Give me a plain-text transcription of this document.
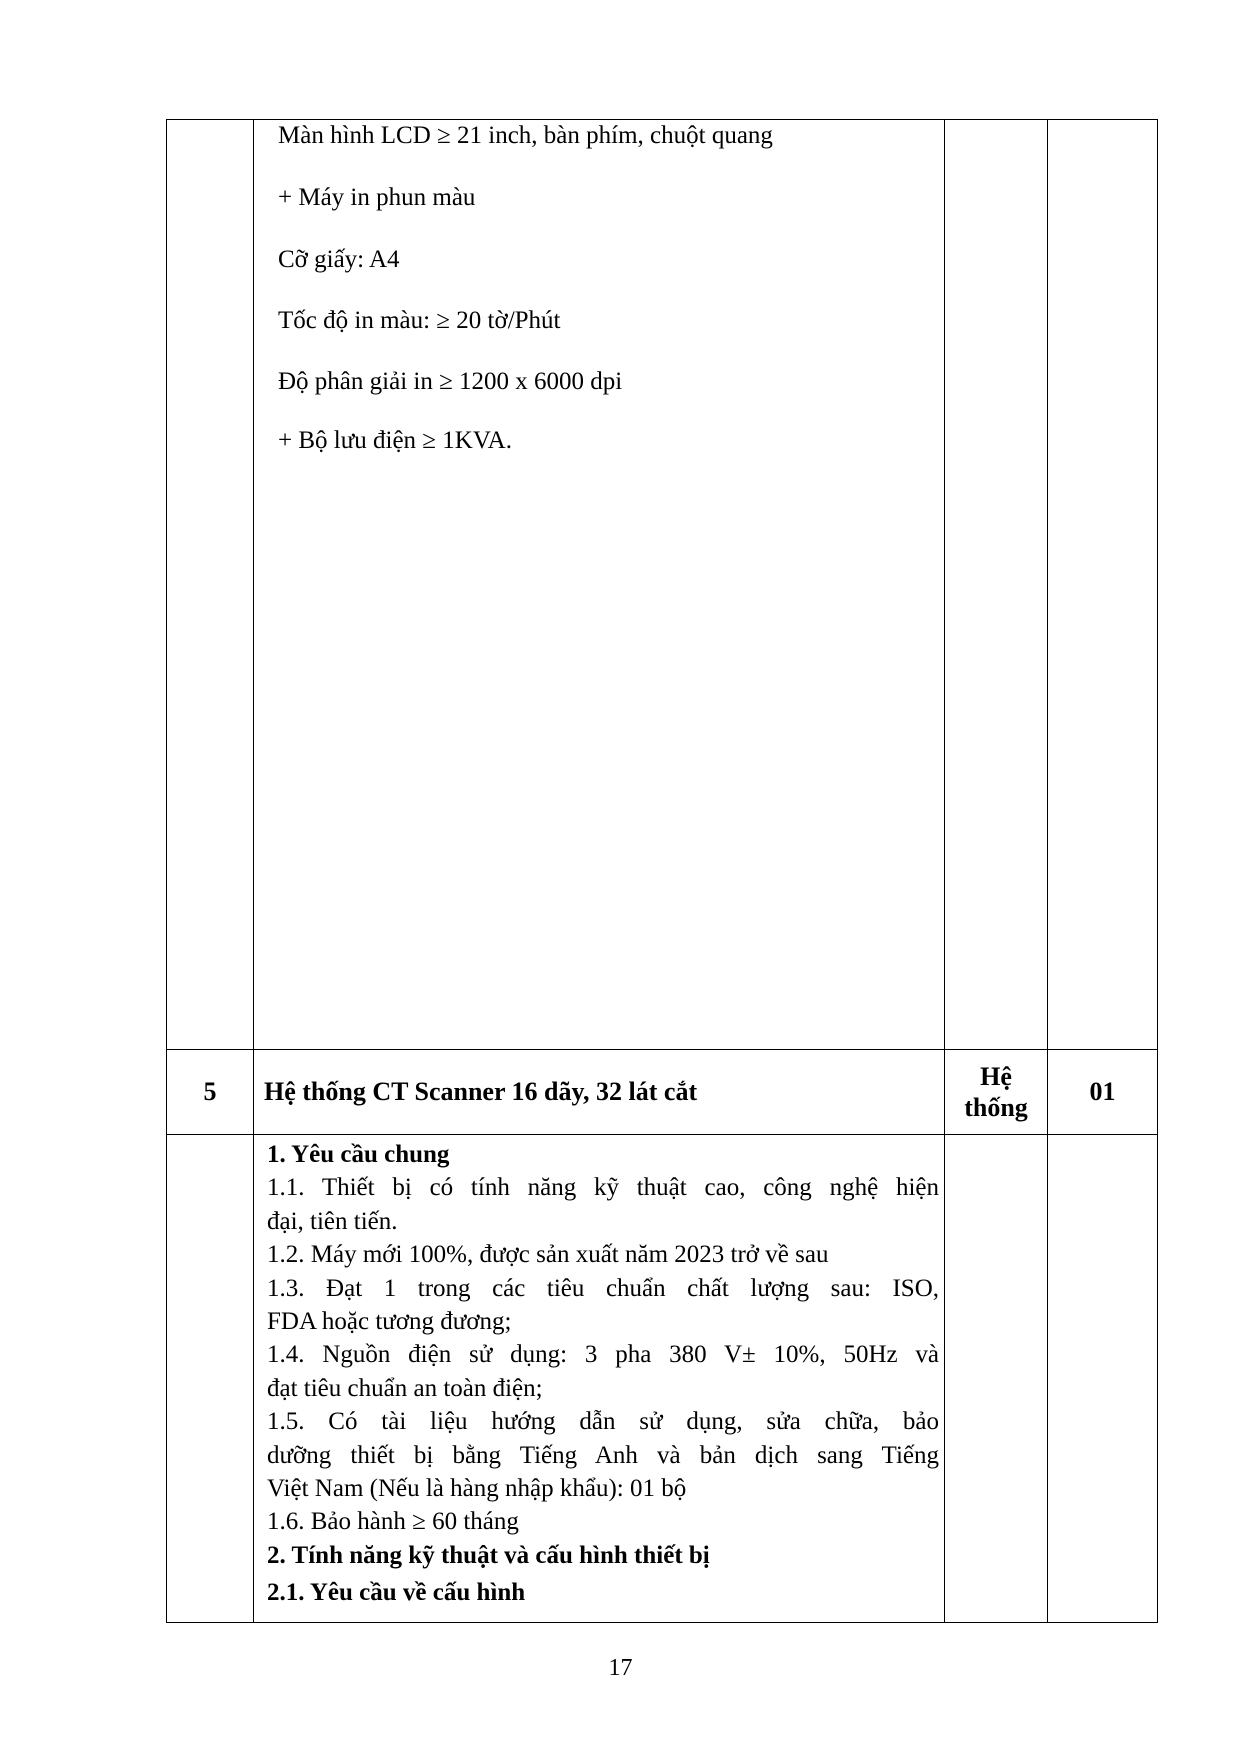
5 Hệ thống CT Scanner 16 dãy, 32 lát cắt
Hệ
thống
01
Màn hình LCD ≥ 21 inch, bàn phím, chuột quang
+ Máy in phun màu
Cỡ giấy: A4
Tốc độ in màu: ≥ 20 tờ/Phút
Độ phân giải in ≥ 1200 x 6000 dpi
+ Bộ lưu điện ≥ 1KVA.
1. Yêu cầu chung
1.1. Thiết bị có tính năng kỹ thuật cao, công nghệ hiện
đại, tiên tiến.
1.2. Máy mới 100%, được sản xuất năm 2023 trở về sau
1.3. Đạt 1 trong các tiêu chuẩn chất lượng sau: ISO,
FDA hoặc tương đương;
1.4. Nguồn điện sử dụng: 3 pha 380 V± 10%, 50Hz và
đạt tiêu chuẩn an toàn điện;
1.5. Có tài liệu hướng dẫn sử dụng, sửa chữa, bảo
dưỡng thiết bị bằng Tiếng Anh và bản dịch sang Tiếng
Việt Nam (Nếu là hàng nhập khẩu): 01 bộ
1.6. Bảo hành ≥ 60 tháng
2. Tính năng kỹ thuật và cấu hình thiết bị
2.1. Yêu cầu về cấu hình
17
